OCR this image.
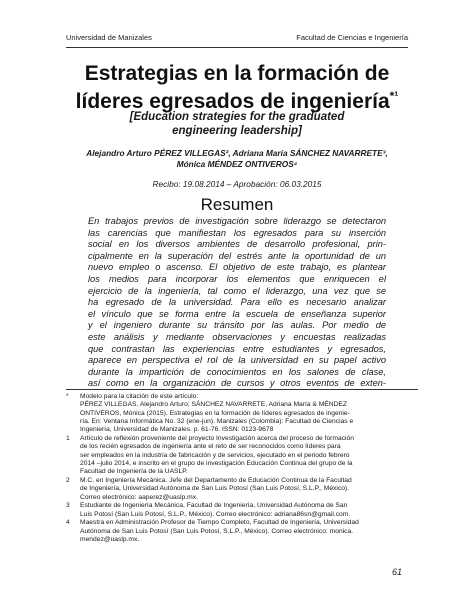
Universidad de Manizales	Facultad de Ciencias e Ingeniería
Estrategias en la formación de
líderes egresados de ingeniería$^{*^1}$
[Education strategies for the graduated
engineering leadership]
Alejandro Arturo PÉREZ VILLEGAS², Adriana María SÁNCHEZ NAVARRETE³,
Mónica MÉNDEZ ONTIVEROS⁴
Recibo: 19.08.2014 – Aprobación: 06.03.2015
Resumen
En trabajos previos de investigación sobre liderazgo se detectaron
las carencias que manifiestan los egresados para su inserción
social en los diversos ambientes de desarrollo profesional, prin-
cipalmente en la superación del estrés ante la oportunidad de un
nuevo empleo o ascenso. El objetivo de este trabajo, es plantear
los medios para incorporar los elementos que enriquecen el
ejercicio de la ingeniería, tal como el liderazgo, una vez que se
ha egresado de la universidad. Para ello es necesario analizar
el vínculo que se forma entre la escuela de enseñanza superior
y el ingeniero durante su tránsito por las aulas. Por medio de
este análisis y mediante observaciones y encuestas realizadas
que contrastan las experiencias entre estudiantes y egresados,
aparece en perspectiva el rol de la universidad en su papel activo
durante la impartición de conocimientos en los salones de clase,
así como en la organización de cursos y otros eventos de exten-
*	Modelo para la citación de este artículo:
PÉREZ VILLEGAS, Alejandro Arturo; SÁNCHEZ NAVARRETE, Adriana María & MÉNDEZ
ONTIVEROS, Mónica (2015). Estrategias en la formación de líderes egresados de ingenie-
ría. En: Ventana Informática No. 32 (ene-jun). Manizales (Colombia): Facultad de Ciencias e
Ingeniería, Universidad de Manizales. p. 61-76. ISSN: 0123-9678
1	Artículo de reflexión proveniente del proyecto Investigación acerca del proceso de formación
de los recién egresados de ingeniería ante el reto de ser reconocidos como líderes para
ser empleados en la industria de fabricación y de servicios, ejecutado en el periodo febrero
2014 –julio 2014, e inscrito en el grupo de investigación Educación Continua del grupo de la
Facultad de Ingeniería de la UASLP.
2	M.C. en Ingeniería Mecánica. Jefe del Departamento de Educación Continua de la Facultad
de Ingeniería, Universidad Autónoma de San Luis Potosí (San Luis Potosí, S.L.P., México).
Correo electrónico: aaperez@uaslp.mx.
3	Estudiante de Ingeniería Mecánica, Facultad de Ingeniería, Universidad Autónoma de San
Luis Potosí (San Luis Potosí, S.L.P., México). Correo electrónico: adriana86sn@gmail.com.
4	Maestra en Administración Profesor de Tiempo Completo, Facultad de Ingeniería, Universidad
Autónoma de San Luis Potosí (San Luis Potosí, S.L.P., México). Correo electrónico: monica.
mendez@uaslp.mx.
61
